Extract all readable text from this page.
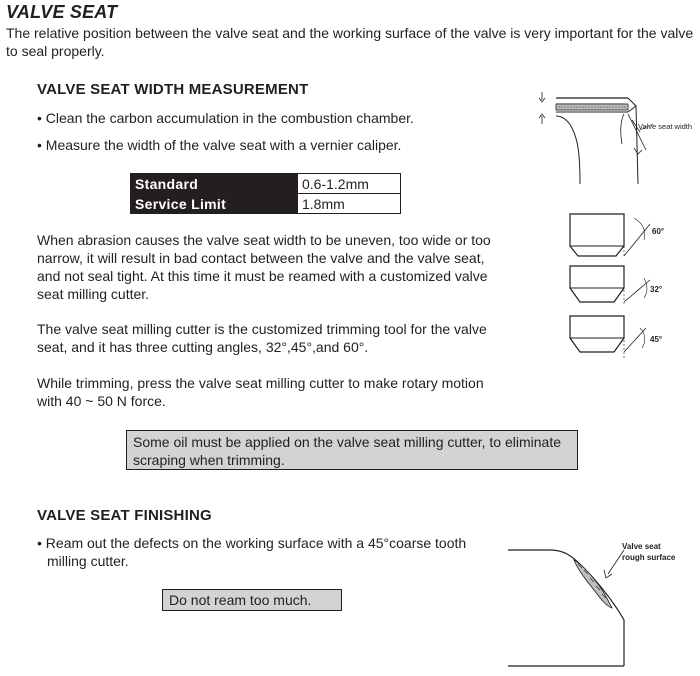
VALVE SEAT
The relative position between the valve seat and the working surface of the valve is very important for the valve to seal properly.
VALVE SEAT WIDTH MEASUREMENT
• Clean the carbon accumulation in the combustion chamber.
• Measure the width of the valve seat with a vernier caliper.
Standard	0.6-1.2mm
Service Limit	1.8mm
When abrasion causes the valve seat width to be uneven, too wide or too narrow, it will result in bad contact between the valve and the valve seat, and not seal tight. At this time it must be reamed with a customized valve seat milling cutter.
The valve seat milling cutter is the customized trimming tool for the valve seat, and it has three cutting angles, 32°,45°,and 60°.
While trimming, press the valve seat milling cutter to make rotary motion with 40 ~ 50 N force.
Some oil must be applied on the valve seat milling cutter, to eliminate scraping when trimming.
VALVE SEAT FINISHING
• Ream out the defects on the working surface with a 45°coarse tooth milling cutter.
Do not ream too much.
Valve seat width
60°
32°
45°
Valve seat
rough surface
